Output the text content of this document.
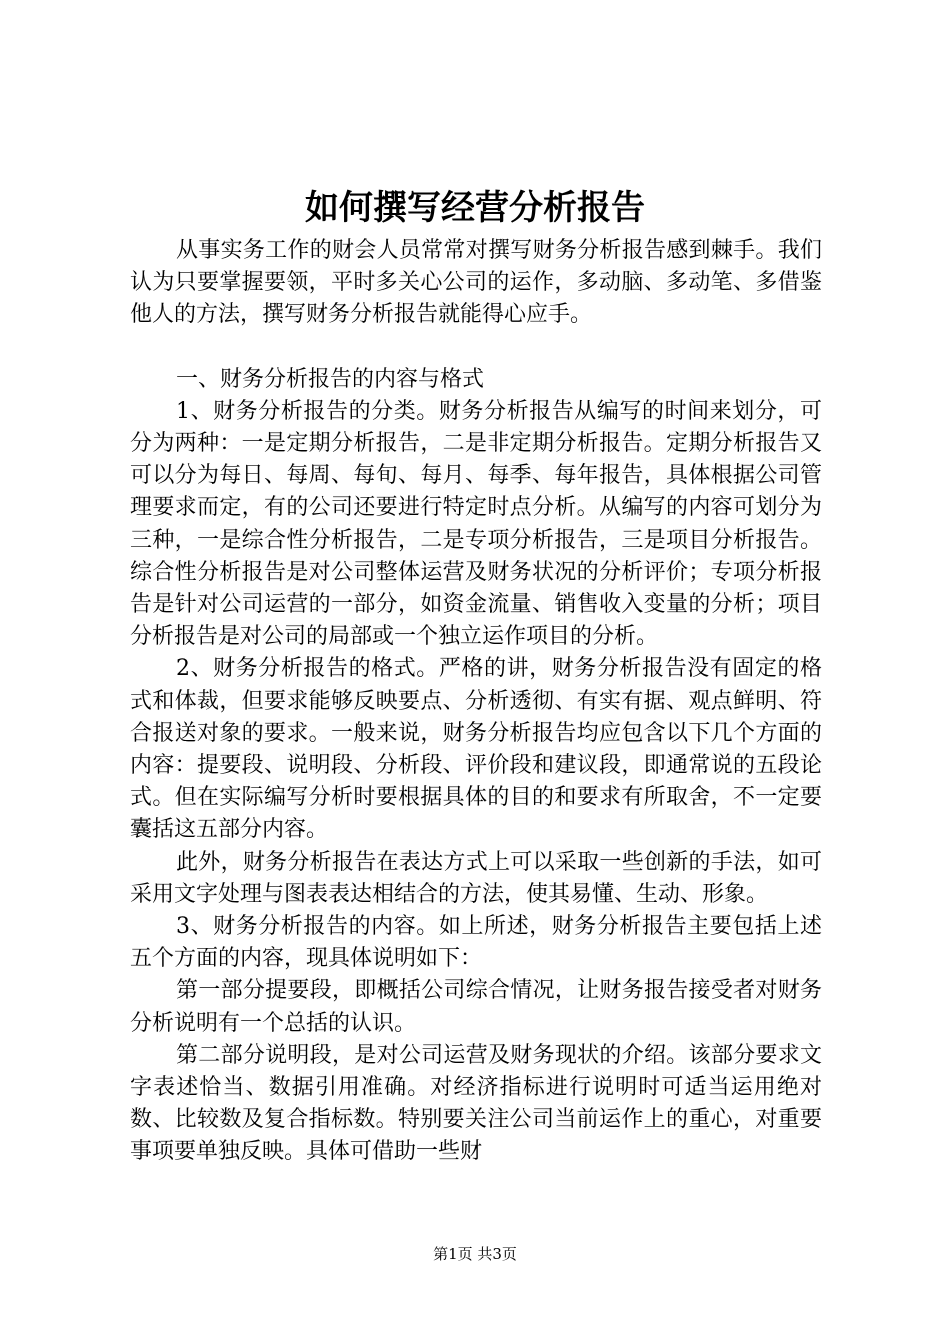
如何撰写经营分析报告

从事实务工作的财会人员常常对撰写财务分析报告感到棘手。我们认为只要掌握要领，平时多关心公司的运作，多动脑、多动笔、多借鉴他人的方法，撰写财务分析报告就能得心应手。

一、财务分析报告的内容与格式

1、财务分析报告的分类。财务分析报告从编写的时间来划分，可分为两种：一是定期分析报告，二是非定期分析报告。定期分析报告又可以分为每日、每周、每旬、每月、每季、每年报告，具体根据公司管理要求而定，有的公司还要进行特定时点分析。从编写的内容可划分为三种，一是综合性分析报告，二是专项分析报告，三是项目分析报告。综合性分析报告是对公司整体运营及财务状况的分析评价；专项分析报告是针对公司运营的一部分，如资金流量、销售收入变量的分析；项目分析报告是对公司的局部或一个独立运作项目的分析。

2、财务分析报告的格式。严格的讲，财务分析报告没有固定的格式和体裁，但要求能够反映要点、分析透彻、有实有据、观点鲜明、符合报送对象的要求。一般来说，财务分析报告均应包含以下几个方面的内容：提要段、说明段、分析段、评价段和建议段，即通常说的五段论式。但在实际编写分析时要根据具体的目的和要求有所取舍，不一定要囊括这五部分内容。

此外，财务分析报告在表达方式上可以采取一些创新的手法，如可采用文字处理与图表表达相结合的方法，使其易懂、生动、形象。

3、财务分析报告的内容。如上所述，财务分析报告主要包括上述五个方面的内容，现具体说明如下：

第一部分提要段，即概括公司综合情况，让财务报告接受者对财务分析说明有一个总括的认识。

第二部分说明段，是对公司运营及财务现状的介绍。该部分要求文字表述恰当、数据引用准确。对经济指标进行说明时可适当运用绝对数、比较数及复合指标数。特别要关注公司当前运作上的重心，对重要事项要单独反映。具体可借助一些财

第1页 共3页
